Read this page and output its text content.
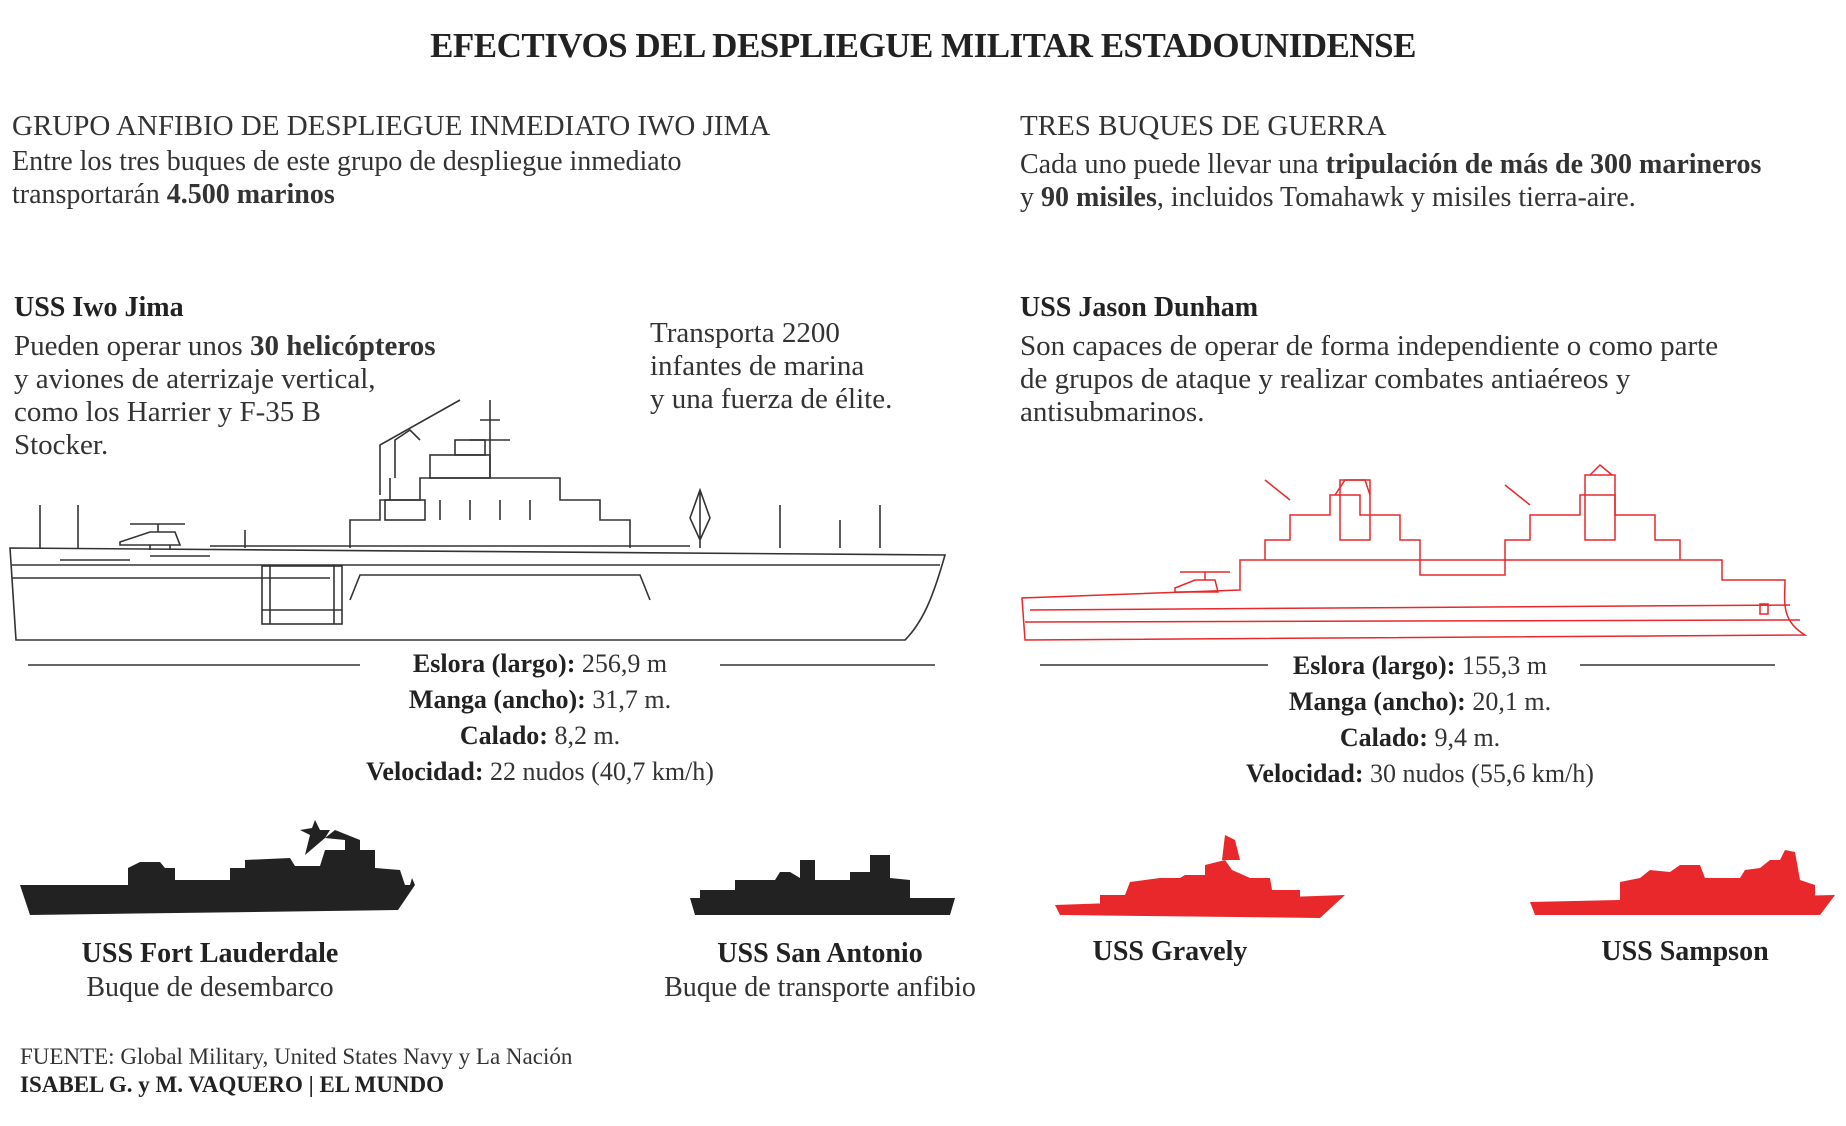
EFECTIVOS DEL DESPLIEGUE MILITAR ESTADOUNIDENSE
GRUPO ANFIBIO DE DESPLIEGUE INMEDIATO IWO JIMA
Entre los tres buques de este grupo de despliegue inmediato
transportarán 4.500 marinos
USS Iwo Jima
Pueden operar unos 30 helicópteros
y aviones de aterrizaje vertical,
como los Harrier y F-35 B
Stocker.
Transporta 2200
infantes de marina
y una fuerza de élite.
Eslora (largo): 256,9 m
Manga (ancho): 31,7 m.
Calado: 8,2 m.
Velocidad: 22 nudos (40,7 km/h)
TRES BUQUES DE GUERRA
Cada uno puede llevar una tripulación de más de 300 marineros
y 90 misiles, incluidos Tomahawk y misiles tierra-aire.
USS Jason Dunham
Son capaces de operar de forma independiente o como parte
de grupos de ataque y realizar combates antiaéreos y
antisubmarinos.
Eslora (largo): 155,3 m
Manga (ancho): 20,1 m.
Calado: 9,4 m.
Velocidad: 30 nudos (55,6 km/h)
USS Fort Lauderdale
Buque de desembarco
USS San Antonio
Buque de transporte anfibio
USS Gravely	USS Sampson
FUENTE: Global Military, United States Navy y La Nación
ISABEL G. y M. VAQUERO | EL MUNDO
